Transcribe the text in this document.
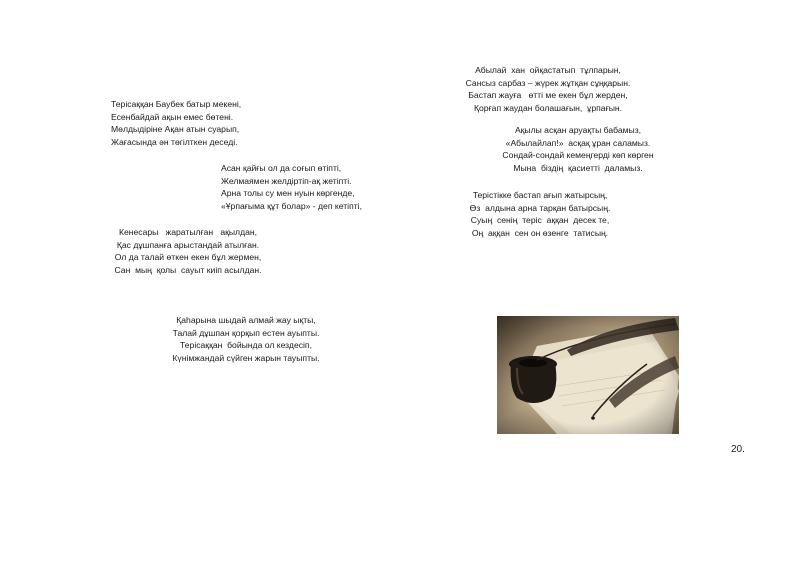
Терісаққан Баубек батыр мекені,
Есенбайдай ақын емес бөтені.
Мөлдыдіріне Ақан атын суарып,
Жағасында ән төгілткен деседі.
Асан қайғы ол да соғып өтіпті,
Желмаямен желдіртіп-ақ жетіпті.
Арна толы су мен нуын көргенде,
«Ұрпағыма құт болар» - деп кетіпті,
Кенесары   жаратылған   ақылдан,
Қас дұшпанға арыстандай атылған.
Ол да талай өткен екен бұл жермен,
Сан  мың  қолы  сауыт киіп асылдан.
Қаһарына шыдай алмай жау ықты,
Талай дұшпан қорқып естен ауыпты.
Терісаққан  бойында ол кездесіп,
Күнімжандай сүйген жарын тауыпты.
Абылай  хан  ойқастатып  тұлпарын,
Сансыз сарбаз – жүрек жұтқан сұңқарын.
Бастап жауға   өтті ме екен бұл жерден,
Қорғап жаудан болашағын,  ұрпағын.
Ақылы асқан аруақты бабамыз,
«Абылайлап!»  асқақ ұран саламыз.
Сондай-сондай кемеңгерді көп көрген
Мына  біздің  қасиетті  даламыз.
Терістікке бастап ағып жатырсың,
Өз  алдына арна тарқан батырсың.
Суың  сенің  теріс  аққан  десек те,
Оң  аққан  сен он өзенге  татисың.
20.
